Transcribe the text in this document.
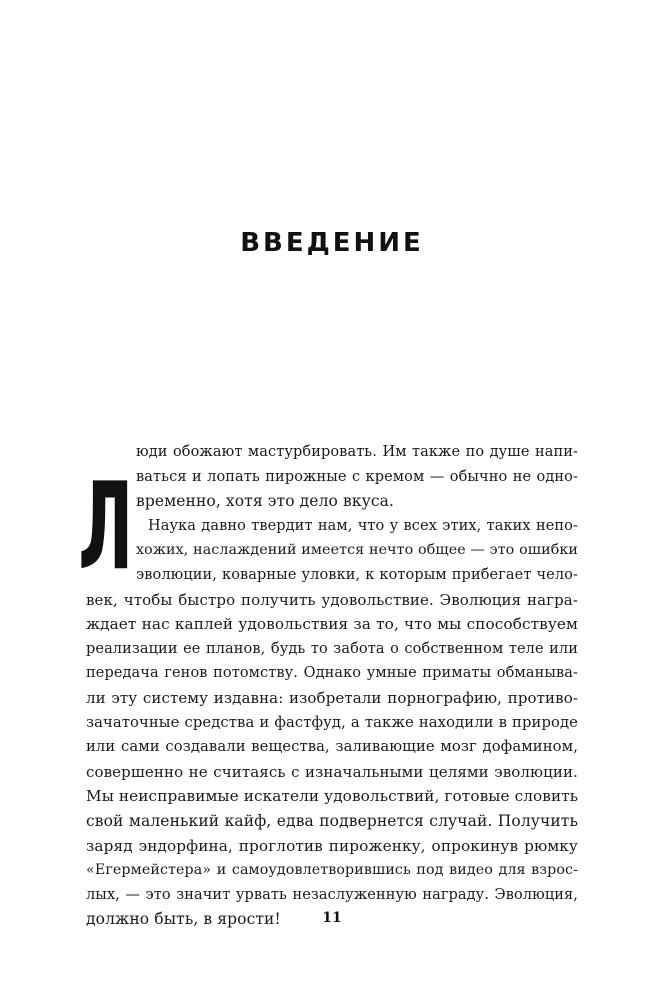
ВВЕДЕНИЕ
Л
юди обожают мастурбировать. Им также по душе напи-
ваться и лопать пирожные с кремом — обычно не одно-
временно, хотя это дело вкуса.
Наука давно твердит нам, что у всех этих, таких непо-
хожих, наслаждений имеется нечто общее — это ошибки
эволюции, коварные уловки, к которым прибегает чело-
век, чтобы быстро получить удовольствие. Эволюция награ-
ждает нас каплей удовольствия за то, что мы способствуем
реализации ее планов, будь то забота о собственном теле или
передача генов потомству. Однако умные приматы обманыва-
ли эту систему издавна: изобретали порнографию, противо-
зачаточные средства и фастфуд, а также находили в природе
или сами создавали вещества, заливающие мозг дофамином,
совершенно не считаясь с изначальными целями эволюции.
Мы неисправимые искатели удовольствий, готовые словить
свой маленький кайф, едва подвернется случай. Получить
заряд эндорфина, проглотив пироженку, опрокинув рюмку
«Егермейстера» и самоудовлетворившись под видео для взрос-
лых, — это значит урвать незаслуженную награду. Эволюция,
должно быть, в ярости!	11
